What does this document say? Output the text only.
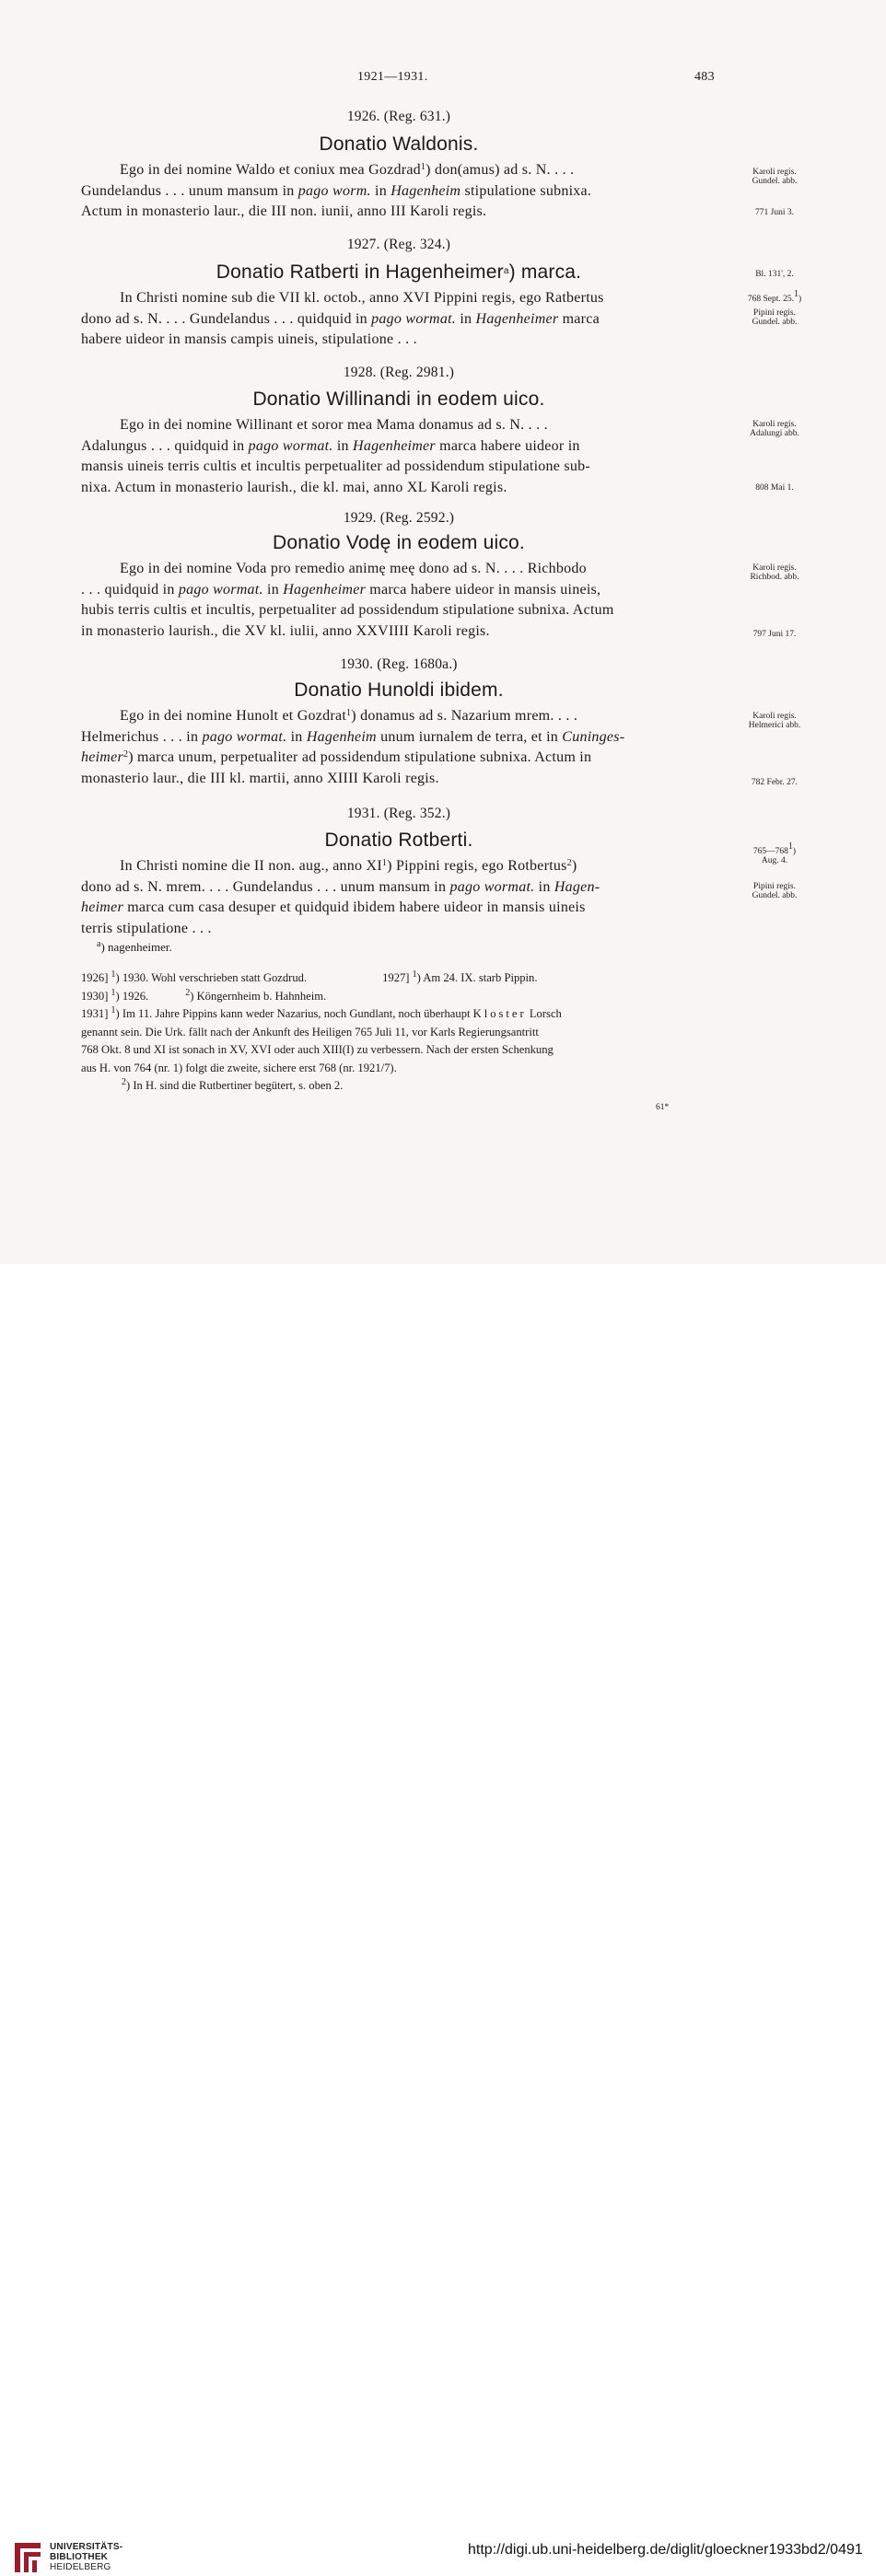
1921—1931.	483
1926. (Reg. 631.)
Donatio Waldonis.

Ego in dei nomine Waldo et coniux mea Gozdrad$^1$) don(amus) ad s. N. . . .

Gundelandus . . . unum mansum in pago worm. in Hagenheim stipulatione subnixa.
Actum in monasterio laur., die III non. iunii, anno III Karoli regis.

Karoli regis.
Gundel. abb.
771 Juni 3.
1927. (Reg. 324.)
Donatio Ratberti in Hagenheimer$^a$) marca.

In Christi nomine sub die VII kl. octob., anno XVI Pippini regis, ego Ratbertus

dono ad s. N. . . . Gundelandus . . . quidquid in pago wormat. in Hagenheimer marca
habere uideor in mansis campis uineis, stipulatione . . .

Bl. 131', 2.
768 Sept. 25.$^1$)
Pipini regis.
Gundel. abb.
1928. (Reg. 2981.)
Donatio Willinandi in eodem uico.

Ego in dei nomine Willinant et soror mea Mama donamus ad s. N. . . .

Adalungus . . . quidquid in pago wormat. in Hagenheimer marca habere uideor in
mansis uineis terris cultis et incultis perpetualiter ad possidendum stipulatione sub-
nixa. Actum in monasterio laurish., die kl. mai, anno XL Karoli regis.

Karoli regis.
Adalungi abb.
808 Mai 1.
1929. (Reg. 2592.)
Donatio Vodę in eodem uico.

Ego in dei nomine Voda pro remedio animę meę dono ad s. N. . . . Richbodo

. . . quidquid in pago wormat. in Hagenheimer marca habere uideor in mansis uineis,
hubis terris cultis et incultis, perpetualiter ad possidendum stipulatione subnixa. Actum
in monasterio laurish., die XV kl. iulii, anno XXVIIII Karoli regis.

Karoli regis.
Richbod. abb.
797 Juni 17.
1930. (Reg. 1680a.)
Donatio Hunoldi ibidem.

Ego in dei nomine Hunolt et Gozdrat$^1$) donamus ad s. Nazarium mrem. . . .

Helmerichus . . . in pago wormat. in Hagenheim unum iurnalem de terra, et in Cuninges-
heimer$^2$) marca unum, perpetualiter ad possidendum stipulatione subnixa. Actum in
monasterio laur., die III kl. martii, anno XIIII Karoli regis.

Karoli regis.
Helmerici abb.
782 Febr. 27.
1931. (Reg. 352.)
Donatio Rotberti.

In Christi nomine die II non. aug., anno $XI^1$) Pippini regis, ego Rotbertus$^2$)

dono ad s. N. mrem. . . . Gundelandus . . . unum mansum in pago wormat. in Hagen-
heimer marca cum casa desuper et quidquid ibidem habere uideor in mansis uineis
terris stipulatione . . .

$765—768^1$)
Aug. 4.
Pipini regis.
Gundel. abb.
$^a$) nagenheimer.
1926] $^1$) 1930. Wohl verschrieben statt Gozdrud.	1927] $^1$) Am 24. IX. starb Pippin.
1930] $^1$) 1926.	$^2$) Köngernheim b. Hahnheim.
1931] $^1$) Im 11. Jahre Pippins kann weder Nazarius, noch Gundlant, noch überhaupt Kloster Lorsch
genannt sein. Die Urk. fällt nach der Ankunft des Heiligen 765 Juli 11, vor Karls Regierungsantritt
768 Okt. 8 und XI ist sonach in XV, XVI oder auch XIII(I) zu verbessern. Nach der ersten Schenkung
aus H. von 764 (nr. 1) folgt die zweite, sichere erst 768 (nr. 1921/7).
$^2$) In H. sind die Rutbertiner begütert, s. oben 2.
61*
UNIVERSITÄTS-
BIBLIOTHEK
HEIDELBERG
http://digi.ub.uni-heidelberg.de/diglit/gloeckner1933bd2/0491
